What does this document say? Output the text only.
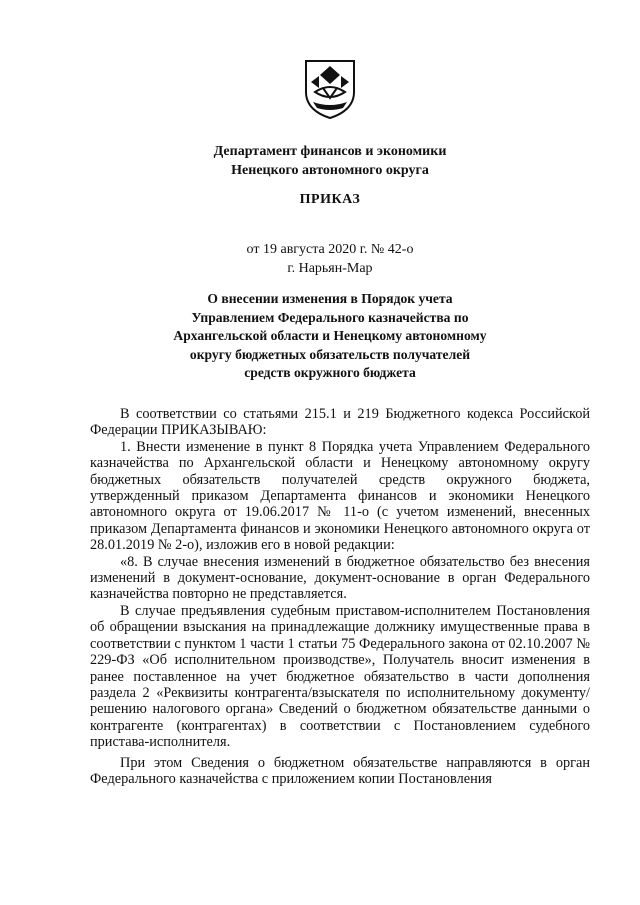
Департамент финансов и экономики
Ненецкого автономного округа
ПРИКАЗ
от 19 августа 2020 г. № 42-о
г. Нарьян-Мар
О внесении изменения в Порядок учета
Управлением Федерального казначейства по
Архангельской области и Ненецкому автономному
округу бюджетных обязательств получателей
средств окружного бюджета

В соответствии со статьями 215.1 и 219 Бюджетного кодекса Российской Федерации ПРИКАЗЫВАЮ:

1. Внести изменение в пункт 8 Порядка учета Управлением Федерального казначейства по Архангельской области и Ненецкому автономному округу бюджетных обязательств получателей средств окружного бюджета, утвержденный приказом Департамента финансов и экономики Ненецкого автономного округа от 19.06.2017 № 11-о (с учетом изменений, внесенных приказом Департамента финансов и экономики Ненецкого автономного округа от 28.01.2019 № 2-о), изложив его в новой редакции:

«8. В случае внесения изменений в бюджетное обязательство без внесения изменений в документ-основание, документ-основание в орган Федерального казначейства повторно не представляется.

В случае предъявления судебным приставом-исполнителем Постановления об обращении взыскания на принадлежащие должнику имущественные права в соответствии с пунктом 1 части 1 статьи 75 Федерального закона от 02.10.2007 № 229-ФЗ «Об исполнительном производстве», Получатель вносит изменения в ранее поставленное на учет бюджетное обязательство в части дополнения раздела 2 «Реквизиты контрагента/взыскателя по исполнительному документу/решению налогового органа» Сведений о бюджетном обязательстве данными о контрагенте (контрагентах) в соответствии с Постановлением судебного пристава-исполнителя.

При этом Сведения о бюджетном обязательстве направляются в орган Федерального казначейства с приложением копии Постановления
